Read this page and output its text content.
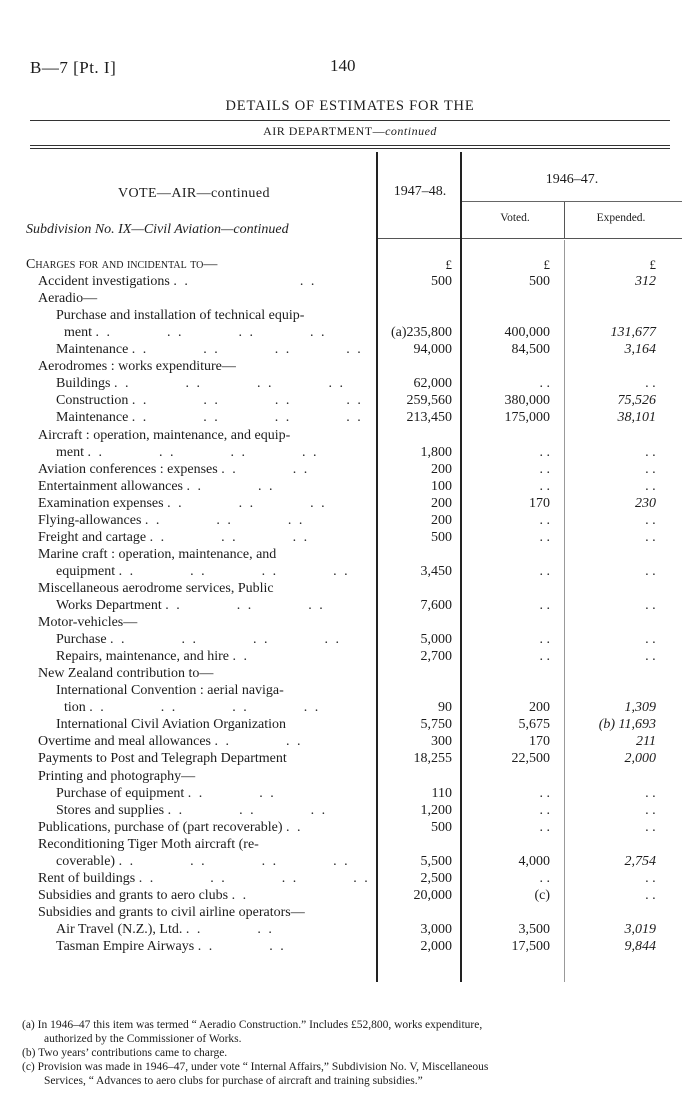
B—7 [Pt. I]	140
DETAILS OF ESTIMATES FOR THE
AIR DEPARTMENT—continued
VOTE—AIR—continued
Subdivision No. IX—Civil Aviation—continued
1947–48.
1946–47.
Voted.	Expended.
Charges for and incidental to—	£	£	£
Accident investigations . .                    . .	500	500	312
Aeradio—
Purchase and installation of technical equip-
ment . .          . .          . .          . .	(a)235,800	400,000	131,677
Maintenance . .          . .          . .          . .	94,000	84,500	3,164
Aerodromes : works expenditure—
Buildings . .          . .          . .          . .	62,000	. .	. .
Construction . .          . .          . .          . .	259,560	380,000	75,526
Maintenance . .          . .          . .          . .	213,450	175,000	38,101
Aircraft : operation, maintenance, and equip-
ment . .          . .          . .          . .	1,800	. .	. .
Aviation conferences : expenses . .          . .	200	. .	. .
Entertainment allowances . .          . .	100	. .	. .
Examination expenses . .          . .          . .	200	170	230
Flying-allowances . .          . .          . .	200	. .	. .
Freight and cartage . .          . .          . .	500	. .	. .
Marine craft : operation, maintenance, and
equipment . .          . .          . .          . .	3,450	. .	. .
Miscellaneous aerodrome services, Public
Works Department . .          . .          . .	7,600	. .	. .
Motor-vehicles—
Purchase . .          . .          . .          . .	5,000	. .	. .
Repairs, maintenance, and hire . .	2,700	. .	. .
New Zealand contribution to—
International Convention : aerial naviga-
tion . .          . .          . .          . .	90	200	1,309
International Civil Aviation Organization	5,750	5,675	(b) 11,693
Overtime and meal allowances . .          . .	300	170	211
Payments to Post and Telegraph Department	18,255	22,500	2,000
Printing and photography—
Purchase of equipment . .          . .	110	. .	. .
Stores and supplies . .          . .          . .	1,200	. .	. .
Publications, purchase of (part recoverable) . .	500	. .	. .
Reconditioning Tiger Moth aircraft (re-
coverable) . .          . .          . .          . .	5,500	4,000	2,754
Rent of buildings . .          . .          . .          . .	2,500	. .	. .
Subsidies and grants to aero clubs . .	20,000	(c)	. .
Subsidies and grants to civil airline operators—
Air Travel (N.Z.), Ltd. . .          . .	3,000	3,500	3,019
Tasman Empire Airways . .          . .	2,000	17,500	9,844
(a) In 1946–47 this item was termed “ Aeradio Construction.” Includes £52,800, works expenditure,
authorized by the Commissioner of Works.
(b) Two years’ contributions came to charge.
(c) Provision was made in 1946–47, under vote “ Internal Affairs,” Subdivision No. V, Miscellaneous
Services, “ Advances to aero clubs for purchase of aircraft and training subsidies.”
